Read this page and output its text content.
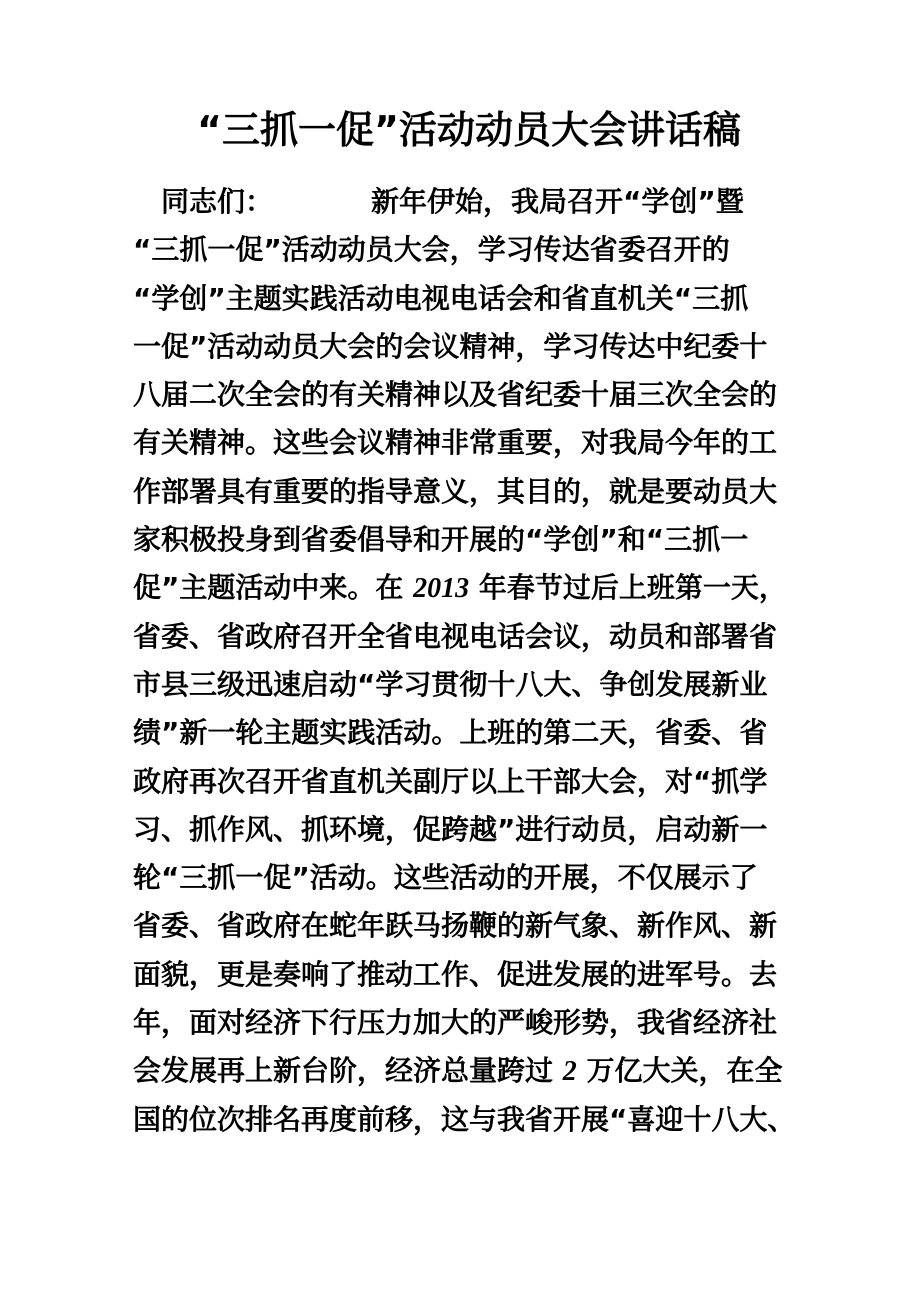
“三抓一促”活动动员大会讲话稿
　同志们：　　　　新年伊始，我局召开“学创”暨
“三抓一促”活动动员大会，学习传达省委召开的
“学创”主题实践活动电视电话会和省直机关“三抓
一促”活动动员大会的会议精神，学习传达中纪委十
八届二次全会的有关精神以及省纪委十届三次全会的
有关精神。这些会议精神非常重要，对我局今年的工
作部署具有重要的指导意义，其目的，就是要动员大
家积极投身到省委倡导和开展的“学创”和“三抓一
促”主题活动中来。在 2013 年春节过后上班第一天，
省委、省政府召开全省电视电话会议，动员和部署省
市县三级迅速启动“学习贯彻十八大、争创发展新业
绩”新一轮主题实践活动。上班的第二天，省委、省
政府再次召开省直机关副厅以上干部大会，对“抓学
习、抓作风、抓环境，促跨越”进行动员，启动新一
轮“三抓一促”活动。这些活动的开展，不仅展示了
省委、省政府在蛇年跃马扬鞭的新气象、新作风、新
面貌，更是奏响了推动工作、促进发展的进军号。去
年，面对经济下行压力加大的严峻形势，我省经济社
会发展再上新台阶，经济总量跨过 2 万亿大关，在全
国的位次排名再度前移，这与我省开展“喜迎十八大、
